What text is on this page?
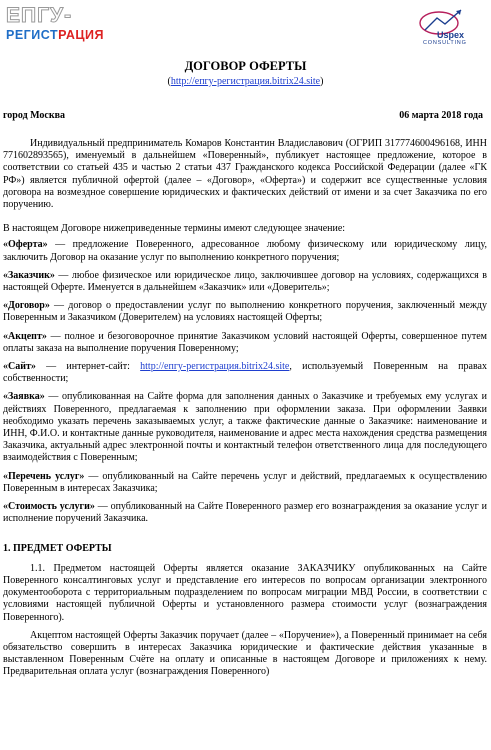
ЕПГУ-
РЕГИСТРАЦИЯ	Uspex
CONSULTING
ДОГОВОР ОФЕРТЫ
(http://епгу-регистрация.bitrix24.site)
город Москва	06 марта 2018 года

Индивидуальный предприниматель Комаров Константин Владиславович (ОГРИП 317774600496168, ИНН 771602893565), именуемый в дальнейшем «Поверенный», публикует настоящее предложение, которое в соответствии со статьей 435 и частью 2 статьи 437 Гражданского кодекса Российской Федерации (далее «ГК РФ») является публичной офертой (далее – «Договор», «Оферта») и содержит все существенные условия договора на возмездное совершение юридических и фактических действий от имени и за счет Заказчика по его поручению.

В настоящем Договоре нижеприведенные термины имеют следующее значение:

«Оферта» — предложение Поверенного, адресованное любому физическому или юридическому лицу, заключить Договор на оказание услуг по выполнению конкретного поручения;

«Заказчик» — любое физическое или юридическое лицо, заключившее договор на условиях, содержащихся в настоящей Оферте. Именуется в дальнейшем «Заказчик» или «Доверитель»;

«Договор» — договор о предоставлении услуг по выполнению конкретного поручения, заключенный между Поверенным и Заказчиком (Доверителем) на условиях настоящей Оферты;

«Акцепт» — полное и безоговорочное принятие Заказчиком условий настоящей Оферты, совершенное путем оплаты заказа на выполнение поручения Поверенному;

«Сайт» — интернет-сайт: http://епгу-регистрация.bitrix24.site, используемый Поверенным на правах собственности;

«Заявка» — опубликованная на Сайте форма для заполнения данных о Заказчике и требуемых ему услугах и действиях Поверенного, предлагаемая к заполнению при оформлении заказа. При оформлении Заявки необходимо указать перечень заказываемых услуг, а также фактические данные о Заказчике: наименование и ИНН, Ф.И.О. и контактные данные руководителя, наименование и адрес места нахождения средства размещения Заказчика, актуальный адрес электронной почты и контактный телефон ответственного лица для последующего взаимодействия с Поверенным;

«Перечень услуг» — опубликованный на Сайте перечень услуг и действий, предлагаемых к осуществлению Поверенным в интересах Заказчика;

«Стоимость услуги» — опубликованный на Сайте Поверенного размер его вознаграждения за оказание услуг и исполнение поручений Заказчика.

1. ПРЕДМЕТ ОФЕРТЫ

1.1. Предметом настоящей Оферты является оказание ЗАКАЗЧИКУ опубликованных на Сайте Поверенного консалтинговых услуг и представление его интересов по вопросам организации электронного документооборота с территориальным подразделением по вопросам миграции МВД России, в соответствии с условиями настоящей публичной Оферты и установленного размера стоимости услуг (вознаграждения Поверенного).

Акцептом настоящей Оферты Заказчик поручает (далее – «Поручение»), а Поверенный принимает на себя обязательство совершить в интересах Заказчика юридические и фактические действия указанные в выставленном Поверенным Счёте на оплату и описанные в настоящем Договоре и приложениях к нему. Предварительная оплата услуг (вознаграждения Поверенного)
